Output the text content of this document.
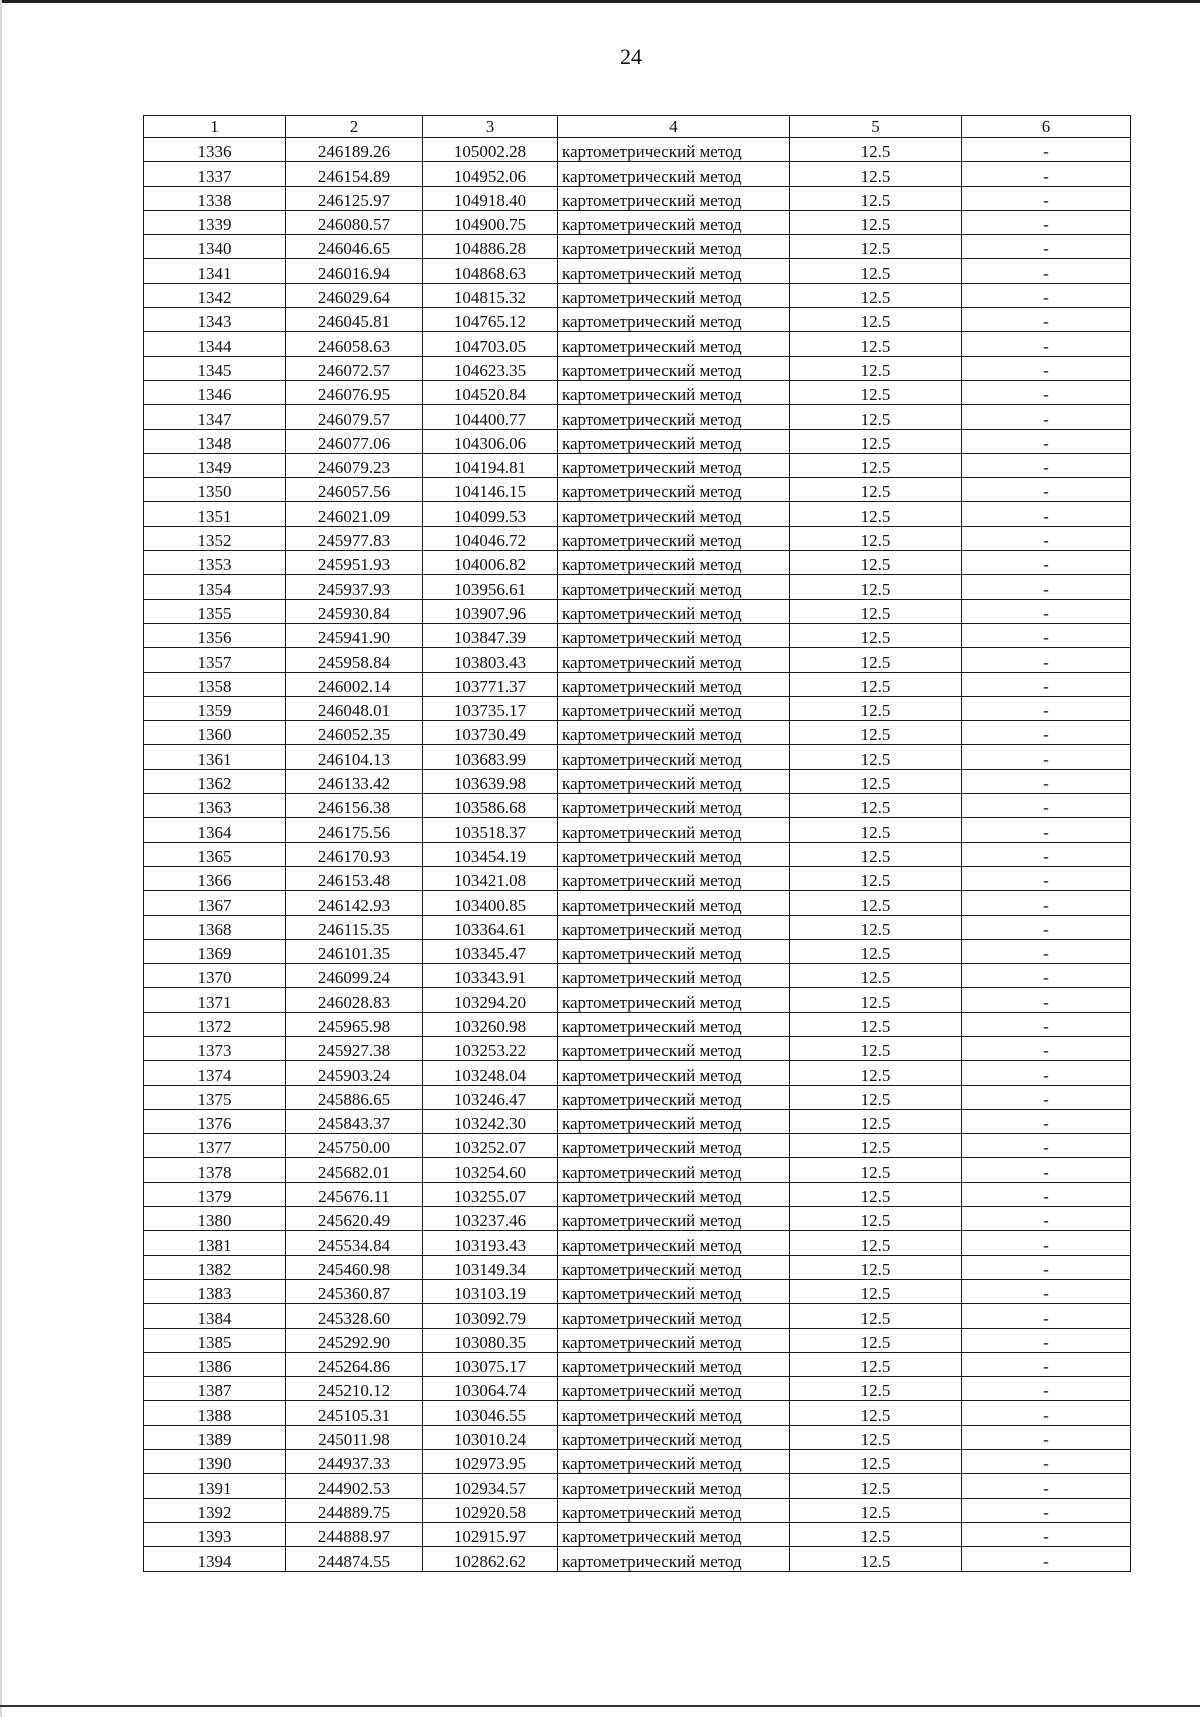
24
1	2	3	4	5	6
1336	246189.26	105002.28	картометрический метод	12.5	-
1337	246154.89	104952.06	картометрический метод	12.5	-
1338	246125.97	104918.40	картометрический метод	12.5	-
1339	246080.57	104900.75	картометрический метод	12.5	-
1340	246046.65	104886.28	картометрический метод	12.5	-
1341	246016.94	104868.63	картометрический метод	12.5	-
1342	246029.64	104815.32	картометрический метод	12.5	-
1343	246045.81	104765.12	картометрический метод	12.5	-
1344	246058.63	104703.05	картометрический метод	12.5	-
1345	246072.57	104623.35	картометрический метод	12.5	-
1346	246076.95	104520.84	картометрический метод	12.5	-
1347	246079.57	104400.77	картометрический метод	12.5	-
1348	246077.06	104306.06	картометрический метод	12.5	-
1349	246079.23	104194.81	картометрический метод	12.5	-
1350	246057.56	104146.15	картометрический метод	12.5	-
1351	246021.09	104099.53	картометрический метод	12.5	-
1352	245977.83	104046.72	картометрический метод	12.5	-
1353	245951.93	104006.82	картометрический метод	12.5	-
1354	245937.93	103956.61	картометрический метод	12.5	-
1355	245930.84	103907.96	картометрический метод	12.5	-
1356	245941.90	103847.39	картометрический метод	12.5	-
1357	245958.84	103803.43	картометрический метод	12.5	-
1358	246002.14	103771.37	картометрический метод	12.5	-
1359	246048.01	103735.17	картометрический метод	12.5	-
1360	246052.35	103730.49	картометрический метод	12.5	-
1361	246104.13	103683.99	картометрический метод	12.5	-
1362	246133.42	103639.98	картометрический метод	12.5	-
1363	246156.38	103586.68	картометрический метод	12.5	-
1364	246175.56	103518.37	картометрический метод	12.5	-
1365	246170.93	103454.19	картометрический метод	12.5	-
1366	246153.48	103421.08	картометрический метод	12.5	-
1367	246142.93	103400.85	картометрический метод	12.5	-
1368	246115.35	103364.61	картометрический метод	12.5	-
1369	246101.35	103345.47	картометрический метод	12.5	-
1370	246099.24	103343.91	картометрический метод	12.5	-
1371	246028.83	103294.20	картометрический метод	12.5	-
1372	245965.98	103260.98	картометрический метод	12.5	-
1373	245927.38	103253.22	картометрический метод	12.5	-
1374	245903.24	103248.04	картометрический метод	12.5	-
1375	245886.65	103246.47	картометрический метод	12.5	-
1376	245843.37	103242.30	картометрический метод	12.5	-
1377	245750.00	103252.07	картометрический метод	12.5	-
1378	245682.01	103254.60	картометрический метод	12.5	-
1379	245676.11	103255.07	картометрический метод	12.5	-
1380	245620.49	103237.46	картометрический метод	12.5	-
1381	245534.84	103193.43	картометрический метод	12.5	-
1382	245460.98	103149.34	картометрический метод	12.5	-
1383	245360.87	103103.19	картометрический метод	12.5	-
1384	245328.60	103092.79	картометрический метод	12.5	-
1385	245292.90	103080.35	картометрический метод	12.5	-
1386	245264.86	103075.17	картометрический метод	12.5	-
1387	245210.12	103064.74	картометрический метод	12.5	-
1388	245105.31	103046.55	картометрический метод	12.5	-
1389	245011.98	103010.24	картометрический метод	12.5	-
1390	244937.33	102973.95	картометрический метод	12.5	-
1391	244902.53	102934.57	картометрический метод	12.5	-
1392	244889.75	102920.58	картометрический метод	12.5	-
1393	244888.97	102915.97	картометрический метод	12.5	-
1394	244874.55	102862.62	картометрический метод	12.5	-
